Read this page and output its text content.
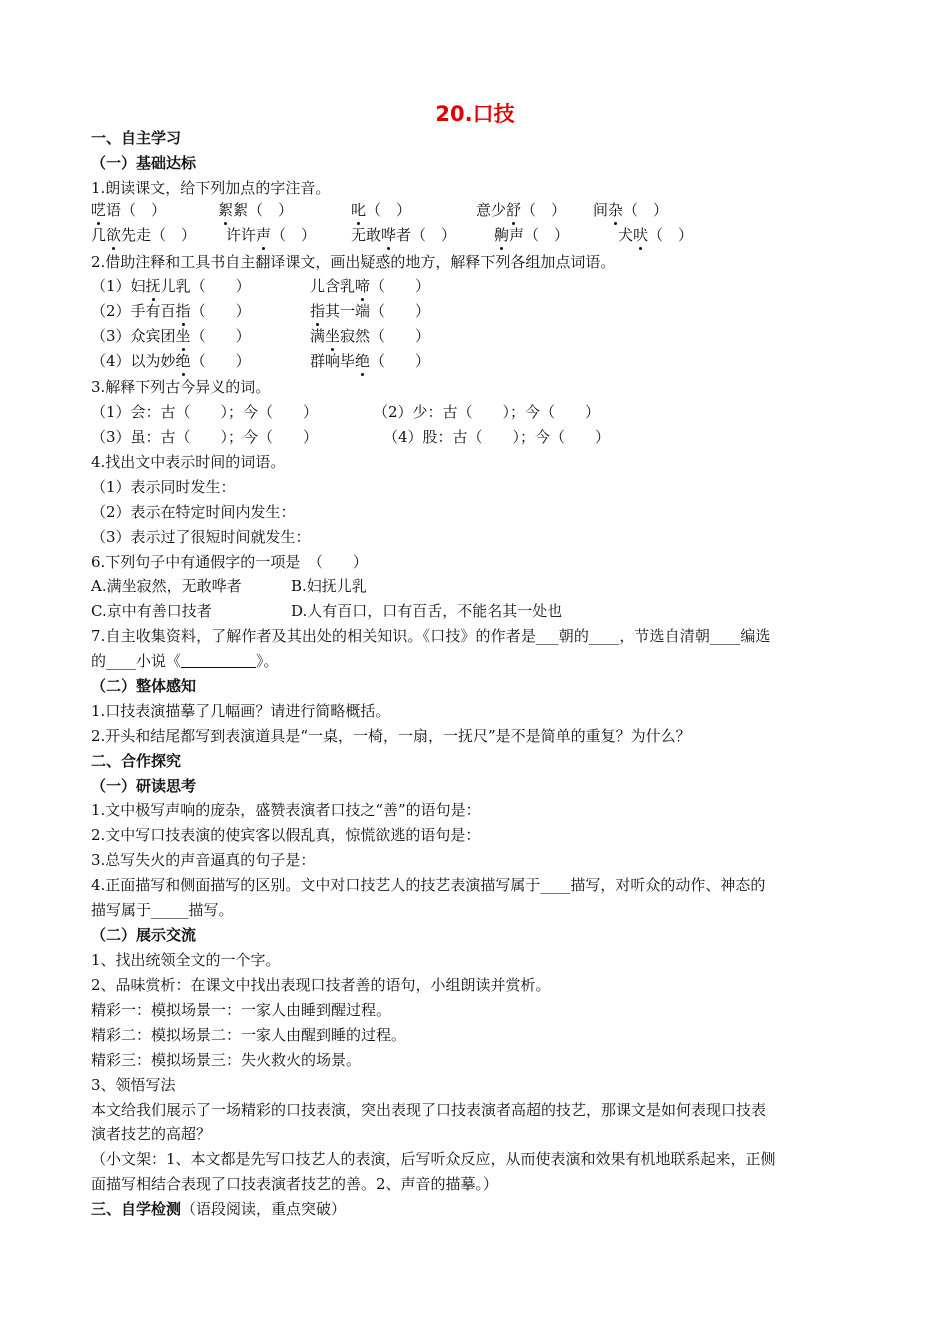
20.口技
一、自主学习
（一）基础达标
1.朗读课文，给下列加点的字注音。
呓语（　）	絮絮（　）	叱（　）	意少舒（　） 间杂（　）
几欲先走（　） 许许声（　） 无敢哗者（　）	齁声（　）	犬吠（　）
2.借助注释和工具书自主翻译课文，画出疑惑的地方，解释下列各组加点词语。
（1）妇抚儿乳（　　）	儿含乳啼（　　）
（2）手有百指（　　）	指其一端（　　）
（3）众宾团坐（　　）	满坐寂然（　　）
（4）以为妙绝（　　）	群响毕绝（　　）
3.解释下列古今异义的词。
（1）会：古（　　）；今（　　）	（2）少：古（　　）；今（　　）
（3）虽：古（　　）；今（　　）	（4）股：古（　　）；今（　　）
4.找出文中表示时间的词语。
（1）表示同时发生：
（2）表示在特定时间内发生：
（3）表示过了很短时间就发生：
6.下列句子中有通假字的一项是　（　　）
A.满坐寂然，无敢哗者	B.妇抚儿乳
C.京中有善口技者	D.人有百口，口有百舌，不能名其一处也
7.自主收集资料，了解作者及其出处的相关知识。《口技》的作者是___朝的____，节选自清朝____编选
的____小说《　　　　　	》。
（二）整体感知
1.口技表演描摹了几幅画？请进行简略概括。
2.开头和结尾都写到表演道具是“一桌，一椅，一扇，一抚尺”是不是简单的重复？为什么？
二、合作探究
（一）研读思考
1.文中极写声响的庞杂，盛赞表演者口技之“善”的语句是：
2.文中写口技表演的使宾客以假乱真，惊慌欲逃的语句是：
3.总写失火的声音逼真的句子是：
4.正面描写和侧面描写的区别。文中对口技艺人的技艺表演描写属于____描写，对听众的动作、神态的
描写属于_____描写。
（二）展示交流
1、找出统领全文的一个字。
2、品味赏析：在课文中找出表现口技者善的语句，小组朗读并赏析。
精彩一：模拟场景一：一家人由睡到醒过程。
精彩二：模拟场景二：一家人由醒到睡的过程。
精彩三：模拟场景三：失火救火的场景。
3、领悟写法
本文给我们展示了一场精彩的口技表演，突出表现了口技表演者高超的技艺，那课文是如何表现口技表
演者技艺的高超？
（小文架：1、本文都是先写口技艺人的表演，后写听众反应，从而使表演和效果有机地联系起来，正侧
面描写相结合表现了口技表演者技艺的善。2、声音的描摹。）
三、自学检测（语段阅读，重点突破）
